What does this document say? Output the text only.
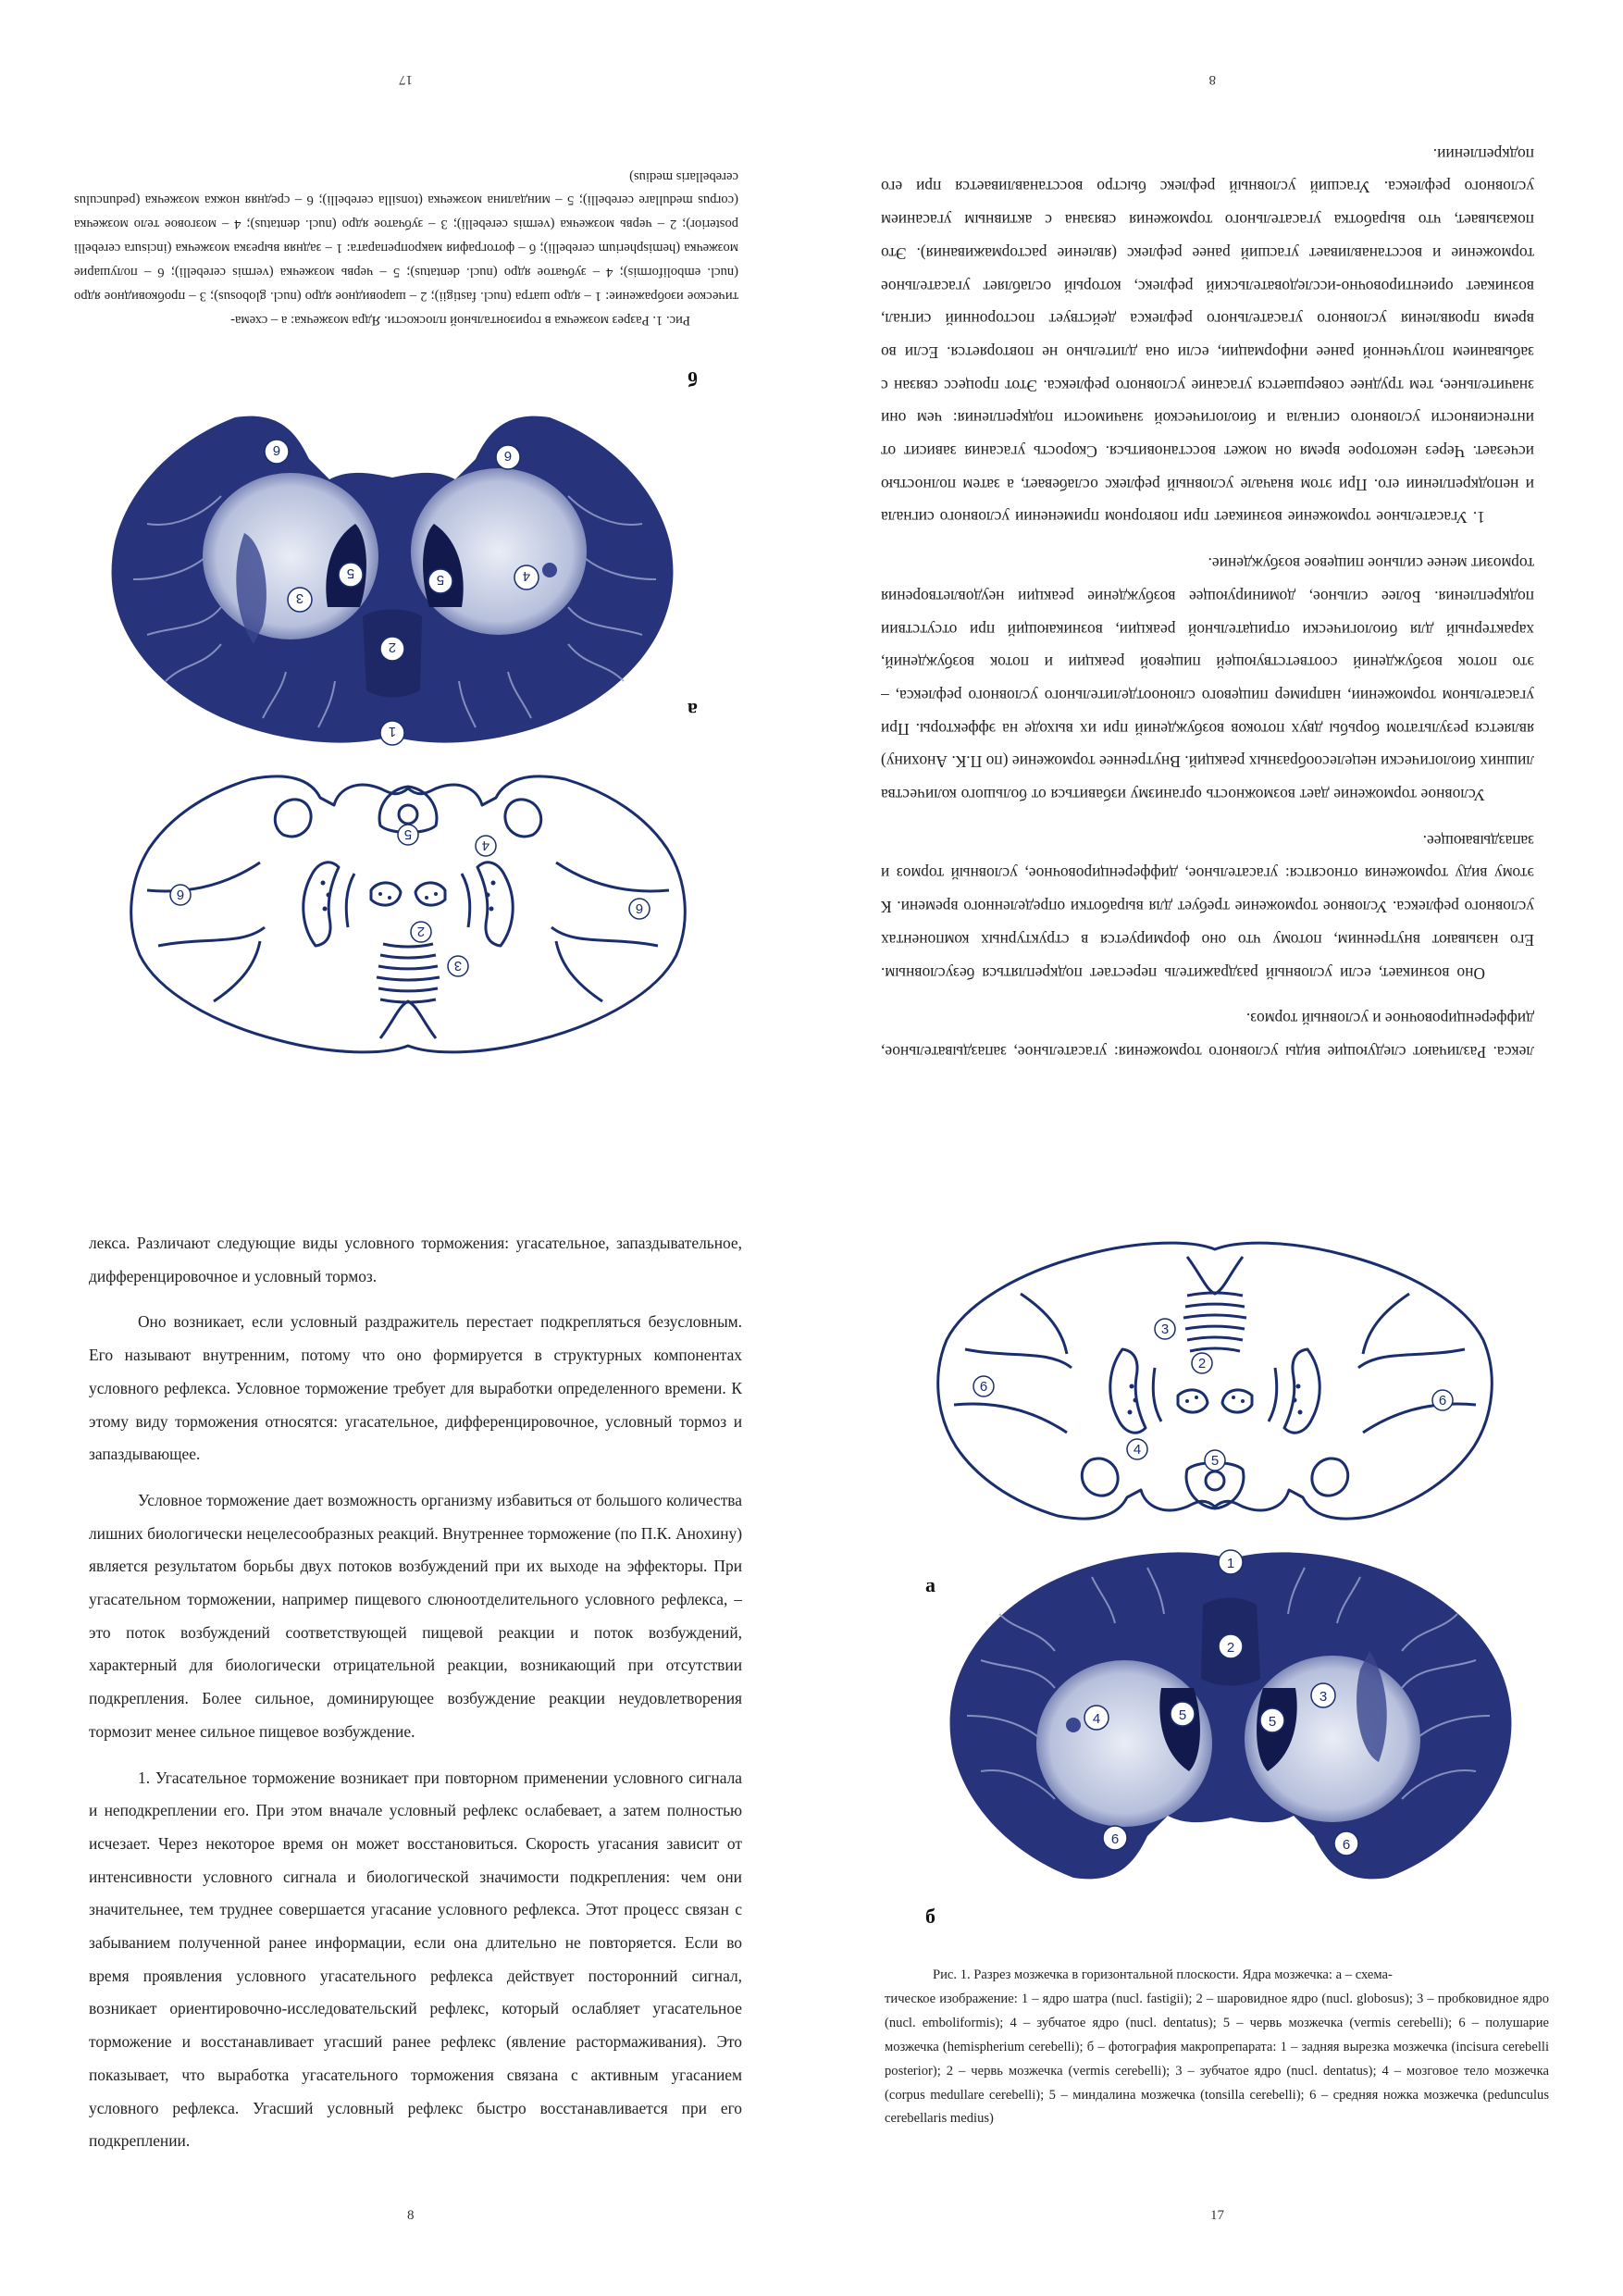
лекса. Различают следующие виды условного торможения: угасательное, запаздывательное, дифференцировочное и условный тормоз.

Оно возникает, если условный раздражитель перестает подкрепляться безусловным. Его называют внутренним, потому что оно формируется в структурных компонентах условного рефлекса. Условное торможение требует для выработки определенного времени. К этому виду торможения относятся: угасательное, дифференцировочное, условный тормоз и запаздывающее.

Условное торможение дает возможность организму избавиться от большого количества лишних биологически нецелесообразных реакций. Внутреннее торможение (по П.К. Анохину) является результатом борьбы двух потоков возбуждений при их выходе на эффекторы. При угасательном торможении, например пищевого слюноотделительного условного рефлекса, – это поток возбуждений соответствующей пищевой реакции и поток возбуждений, характерный для биологически отрицательной реакции, возникающий при отсутствии подкрепления. Более сильное, доминирующее возбуждение реакции неудовлетворения тормозит менее сильное пищевое возбуждение.

1. Угасательное торможение возникает при повторном применении условного сигнала и неподкреплении его. При этом вначале условный рефлекс ослабевает, а затем полностью исчезает. Через некоторое время он может восстановиться. Скорость угасания зависит от интенсивности условного сигнала и биологической значимости подкрепления: чем они значительнее, тем труднее совершается угасание условного рефлекса. Этот процесс связан с забыванием полученной ранее информации, если она длительно не повторяется. Если во время проявления условного угасательного рефлекса действует посторонний сигнал, возникает ориентировочно-исследовательский рефлекс, который ослабляет угасательное торможение и восстанавливает угасший ранее рефлекс (явление растормаживания). Это показывает, что выработка угасательного торможения связана с активным угасанием условного рефлекса. Угасший условный рефлекс быстро восстанавливается при его подкреплении.

8
3
2
4
5
6
6
а
1
2
3
4
5
5
6
6
б
Рис. 1. Разрез мозжечка в горизонтальной плоскости. Ядра мозжечка: а – схема-
тическое изображение: 1 – ядро шатра (nucl. fastigii); 2 – шаровидное ядро (nucl. globosus); 3 – пробковидное ядро (nucl. emboliformis); 4 – зубчатое ядро (nucl. dentatus); 5 – червь мозжечка (vermis cerebelli); 6 – полушарие мозжечка (hemispherium cerebelli); б – фотография макропрепарата: 1 – задняя вырезка мозжечка (incisura cerebelli posterior); 2 – червь мозжечка (vermis cerebelli); 3 – зубчатое ядро (nucl. dentatus); 4 – мозговое тело мозжечка (corpus medullare cerebelli); 5 – миндалина мозжечка (tonsilla cerebelli); 6 – средняя ножка мозжечка (pedunculus cerebellaris medius)
17

лекса. Различают следующие виды условного торможения: угасательное, запаздывательное, дифференцировочное и условный тормоз.

Оно возникает, если условный раздражитель перестает подкрепляться безусловным. Его называют внутренним, потому что оно формируется в структурных компонентах условного рефлекса. Условное торможение требует для выработки определенного времени. К этому виду торможения относятся: угасательное, дифференцировочное, условный тормоз и запаздывающее.

Условное торможение дает возможность организму избавиться от большого количества лишних биологически нецелесообразных реакций. Внутреннее торможение (по П.К. Анохину) является результатом борьбы двух потоков возбуждений при их выходе на эффекторы. При угасательном торможении, например пищевого слюноотделительного условного рефлекса, – это поток возбуждений соответствующей пищевой реакции и поток возбуждений, характерный для биологически отрицательной реакции, возникающий при отсутствии подкрепления. Более сильное, доминирующее возбуждение реакции неудовлетворения тормозит менее сильное пищевое возбуждение.

1. Угасательное торможение возникает при повторном применении условного сигнала и неподкреплении его. При этом вначале условный рефлекс ослабевает, а затем полностью исчезает. Через некоторое время он может восстановиться. Скорость угасания зависит от интенсивности условного сигнала и биологической значимости подкрепления: чем они значительнее, тем труднее совершается угасание условного рефлекса. Этот процесс связан с забыванием полученной ранее информации, если она длительно не повторяется. Если во время проявления условного угасательного рефлекса действует посторонний сигнал, возникает ориентировочно-исследовательский рефлекс, который ослабляет угасательное торможение и восстанавливает угасший ранее рефлекс (явление растормаживания). Это показывает, что выработка угасательного торможения связана с активным угасанием условного рефлекса. Угасший условный рефлекс быстро восстанавливается при его подкреплении.

8
3
2
4
5
6
6
а
1
2
3
4	5	5
6	6
б
Рис. 1. Разрез мозжечка в горизонтальной плоскости. Ядра мозжечка: а – схема-
тическое изображение: 1 – ядро шатра (nucl. fastigii); 2 – шаровидное ядро (nucl. globosus); 3 – пробковидное ядро (nucl. emboliformis); 4 – зубчатое ядро (nucl. dentatus); 5 – червь мозжечка (vermis cerebelli); 6 – полушарие мозжечка (hemispherium cerebelli); б – фотография макропрепарата: 1 – задняя вырезка мозжечка (incisura cerebelli posterior); 2 – червь мозжечка (vermis cerebelli); 3 – зубчатое ядро (nucl. dentatus); 4 – мозговое тело мозжечка (corpus medullare cerebelli); 5 – миндалина мозжечка (tonsilla cerebelli); 6 – средняя ножка мозжечка (pedunculus cerebellaris medius)
17
